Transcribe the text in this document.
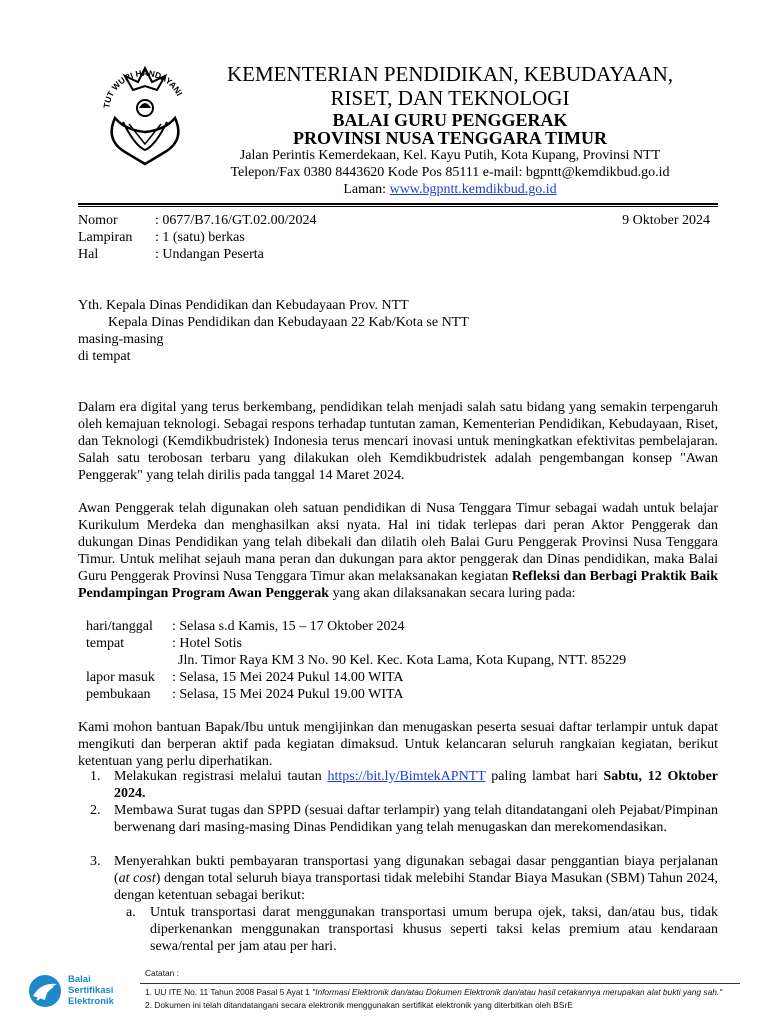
TUT WURI HANDAYANI
KEMENTERIAN PENDIDIKAN, KEBUDAYAAN,
RISET, DAN TEKNOLOGI
BALAI GURU PENGGERAK
PROVINSI NUSA TENGGARA TIMUR
Jalan Perintis Kemerdekaan, Kel. Kayu Putih, Kota Kupang, Provinsi NTT
Telepon/Fax 0380 8443620 Kode Pos 85111 e-mail: bgpntt@kemdikbud.go.id
Laman: www.bgpntt.kemdikbud.go.id
Nomor	: 0677/B7.16/GT.02.00/2024	9 Oktober 2024
Lampiran : 1 (satu) berkas
Hal	: Undangan Peserta
Yth. Kepala Dinas Pendidikan dan Kebudayaan Prov. NTT
Kepala Dinas Pendidikan dan Kebudayaan 22 Kab/Kota se NTT
masing-masing
di tempat
Dalam era digital yang terus berkembang, pendidikan telah menjadi salah satu bidang yang semakin terpengaruh oleh kemajuan teknologi. Sebagai respons terhadap tuntutan zaman, Kementerian Pendidikan, Kebudayaan, Riset, dan Teknologi (Kemdikbudristek) Indonesia terus mencari inovasi untuk meningkatkan efektivitas pembelajaran. Salah satu terobosan terbaru yang dilakukan oleh Kemdikbudristek adalah pengembangan konsep "Awan Penggerak" yang telah dirilis pada tanggal 14 Maret 2024.
Awan Penggerak telah digunakan oleh satuan pendidikan di Nusa Tenggara Timur sebagai wadah untuk belajar Kurikulum Merdeka dan menghasilkan aksi nyata. Hal ini tidak terlepas dari peran Aktor Penggerak dan dukungan Dinas Pendidikan yang telah dibekali dan dilatih oleh Balai Guru Penggerak Provinsi Nusa Tenggara Timur. Untuk melihat sejauh mana peran dan dukungan para aktor penggerak dan Dinas pendidikan, maka Balai Guru Penggerak Provinsi Nusa Tenggara Timur akan melaksanakan kegiatan Refleksi dan Berbagi Praktik Baik Pendampingan Program Awan Penggerak yang akan dilaksanakan secara luring pada:
hari/tanggal : Selasa s.d Kamis, 15 – 17 Oktober 2024
tempat	: Hotel Sotis
Jln. Timor Raya KM 3 No. 90 Kel. Kec. Kota Lama, Kota Kupang, NTT. 85229
lapor masuk : Selasa, 15 Mei 2024 Pukul 14.00 WITA
pembukaan : Selasa, 15 Mei 2024 Pukul 19.00 WITA
Kami mohon bantuan Bapak/Ibu untuk mengijinkan dan menugaskan peserta sesuai daftar terlampir untuk dapat mengikuti dan berperan aktif pada kegiatan dimaksud. Untuk kelancaran seluruh rangkaian kegiatan, berikut ketentuan yang perlu diperhatikan.
1. Melakukan registrasi melalui tautan https://bit.ly/BimtekAPNTT paling lambat hari Sabtu, 12 Oktober 2024.
2. Membawa Surat tugas dan SPPD (sesuai daftar terlampir) yang telah ditandatangani oleh Pejabat/Pimpinan berwenang dari masing-masing Dinas Pendidikan yang telah menugaskan dan merekomendasikan.
3. Menyerahkan bukti pembayaran transportasi yang digunakan sebagai dasar penggantian biaya perjalanan (at cost) dengan total seluruh biaya transportasi tidak melebihi Standar Biaya Masukan (SBM) Tahun 2024, dengan ketentuan sebagai berikut:
a. Untuk transportasi darat menggunakan transportasi umum berupa ojek, taksi, dan/atau bus, tidak diperkenankan menggunakan transportasi khusus seperti taksi kelas premium atau kendaraan sewa/rental per jam atau per hari.
Balai
Sertifikasi
Elektronik
Catatan :
1. UU ITE No. 11 Tahun 2008 Pasal 5 Ayat 1 "Informasi Elektronik dan/atau Dokumen Elektronik dan/atau hasil cetakannya merupakan alat bukti yang sah."
2. Dokumen ini telah ditandatangani secara elektronik menggunakan sertifikat elektronik yang diterbitkan oleh BSrE
